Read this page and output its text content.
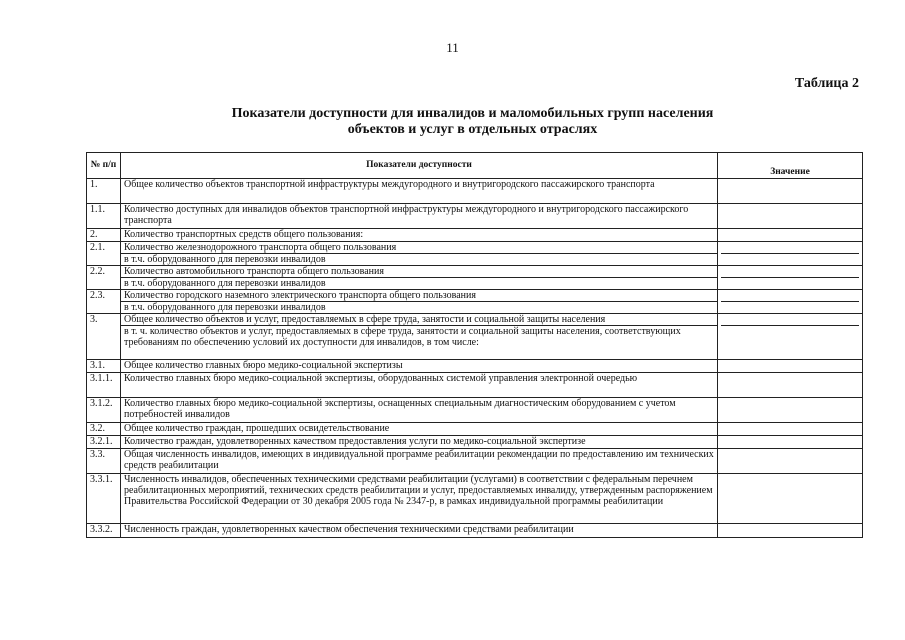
11
Таблица 2
Показатели доступности для инвалидов и маломобильных групп населения
объектов и услуг в отдельных отраслях
№ п/п	Показатели доступности	Значение
1.	Общее количество объектов транспортной инфраструктуры междугородного и внутригородского пассажирского транспорта	
1.1.	Количество доступных для инвалидов объектов транспортной инфраструктуры междугородного и внутригородского пассажирского транспорта	
2.	Количество транспортных средств общего пользования:	
2.1.	Количество железнодорожного транспорта общего пользования
в т.ч. оборудованного для перевозки инвалидов	

2.2.	Количество автомобильного транспорта общего пользования
в т.ч. оборудованного для перевозки инвалидов	

2.3.	Количество городского наземного электрического транспорта общего пользования
в т.ч. оборудованного для перевозки инвалидов	

3.	Общее количество объектов и услуг, предоставляемых в сфере труда, занятости и социальной защиты населения
в т. ч. количество объектов и услуг, предоставляемых в сфере труда, занятости и социальной защиты населения, соответствующих требованиям по обеспечению условий их доступности для инвалидов, в том числе:	

3.1.	Общее количество главных бюро медико-социальной экспертизы	
3.1.1.	Количество главных бюро медико-социальной экспертизы, оборудованных системой управления электронной очередью	
3.1.2.	Количество главных бюро медико-социальной экспертизы, оснащенных специальным диагностическим оборудованием с учетом потребностей инвалидов	
3.2.	Общее количество граждан, прошедших освидетельствование	
3.2.1.	Количество граждан, удовлетворенных качеством предоставления услуги по медико-социальной экспертизе	
3.3.	Общая численность инвалидов, имеющих в индивидуальной программе реабилитации рекомендации по предоставлению им технических средств реабилитации	
3.3.1.	Численность инвалидов, обеспеченных техническими средствами реабилитации (услугами) в соответствии с федеральным перечнем реабилитационных мероприятий, технических средств реабилитации и услуг, предоставляемых инвалиду, утвержденным распоряжением Правительства Российской Федерации от 30 декабря 2005 года № 2347-р, в рамках индивидуальной программы реабилитации	
3.3.2.	Численность граждан, удовлетворенных качеством обеспечения техническими средствами реабилитации	
